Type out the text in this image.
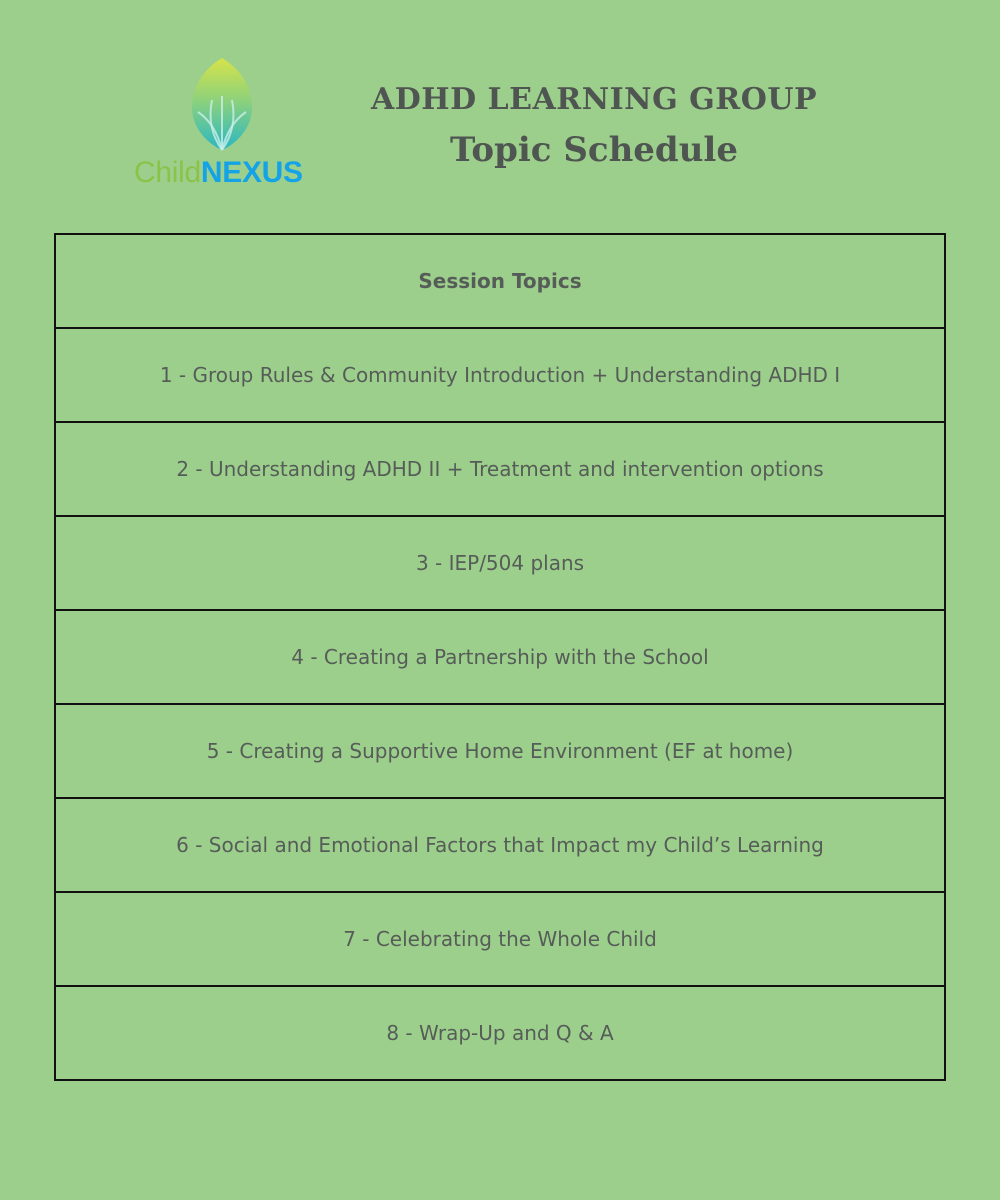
ChildNEXUS
ADHD LEARNING GROUP
Topic Schedule
Session Topics
1 - Group Rules & Community Introduction + Understanding ADHD I
2 - Understanding ADHD II + Treatment and intervention options
3 - IEP/504 plans
4 - Creating a Partnership with the School
5 - Creating a Supportive Home Environment (EF at home)
6 - Social and Emotional Factors that Impact my Child’s Learning
7 - Celebrating the Whole Child
8 - Wrap-Up and Q & A
